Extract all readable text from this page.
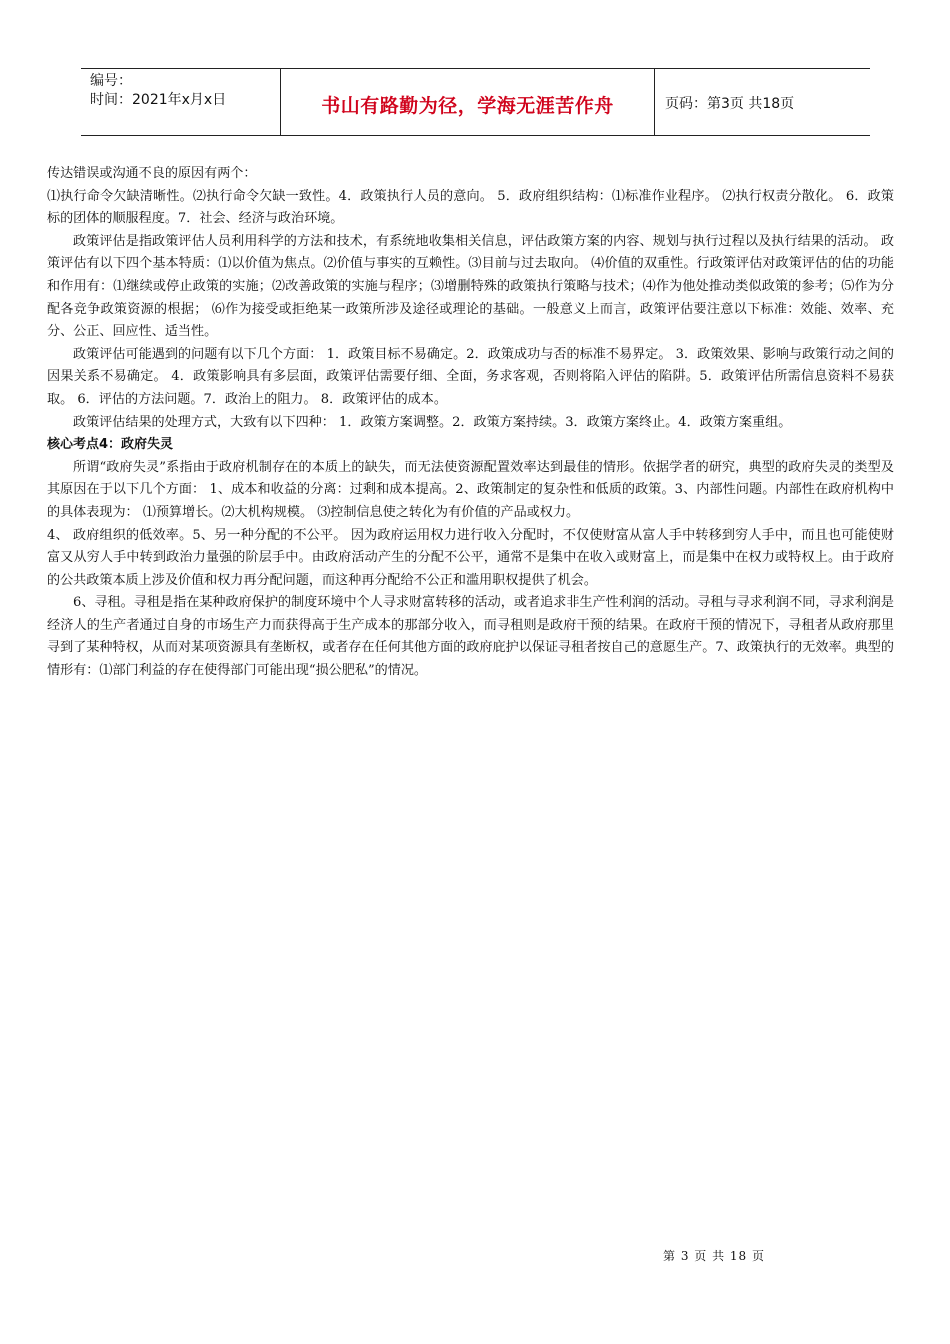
编号：
时间：2021年x月x日	书山有路勤为径，学海无涯苦作舟	页码：第3页 共18页

传达错误或沟通不良的原因有两个：

⑴执行命令欠缺清晰性。⑵执行命令欠缺一致性。4．政策执行人员的意向。 5．政府组织结构：⑴标准作业程序。 ⑵执行权责分散化。 6．政策标的团体的顺服程度。7．社会、经济与政治环境。

政策评估是指政策评估人员利用科学的方法和技术，有系统地收集相关信息，评估政策方案的内容、规划与执行过程以及执行结果的活动。 政策评估有以下四个基本特质：⑴以价值为焦点。⑵价值与事实的互赖性。⑶目前与过去取向。 ⑷价值的双重性。行政策评估对政策评估的估的功能和作用有：⑴继续或停止政策的实施；⑵改善政策的实施与程序；⑶增删特殊的政策执行策略与技术；⑷作为他处推动类似政策的参考；⑸作为分配各竞争政策资源的根据； ⑹作为接受或拒绝某一政策所涉及途径或理论的基础。一般意义上而言，政策评估要注意以下标准：效能、效率、充分、公正、回应性、适当性。

政策评估可能遇到的问题有以下几个方面： 1．政策目标不易确定。2．政策成功与否的标准不易界定。 3．政策效果、影响与政策行动之间的因果关系不易确定。 4．政策影响具有多层面，政策评估需要仔细、全面，务求客观，否则将陷入评估的陷阱。5．政策评估所需信息资料不易获取。 6．评估的方法问题。7．政治上的阻力。 8．政策评估的成本。

政策评估结果的处理方式，大致有以下四种： 1．政策方案调整。2．政策方案持续。3．政策方案终止。4．政策方案重组。

核心考点4：政府失灵

所谓“政府失灵”系指由于政府机制存在的本质上的缺失，而无法使资源配置效率达到最佳的情形。依据学者的研究，典型的政府失灵的类型及其原因在于以下几个方面： 1、成本和收益的分离：过剩和成本提高。2、政策制定的复杂性和低质的政策。3、内部性问题。内部性在政府机构中的具体表现为： ⑴预算增长。⑵大机构规模。 ⑶控制信息使之转化为有价值的产品或权力。

4、 政府组织的低效率。5、另一种分配的不公平。 因为政府运用权力进行收入分配时，不仅使财富从富人手中转移到穷人手中，而且也可能使财富又从穷人手中转到政治力量强的阶层手中。由政府活动产生的分配不公平，通常不是集中在收入或财富上，而是集中在权力或特权上。由于政府的公共政策本质上涉及价值和权力再分配问题，而这种再分配给不公正和滥用职权提供了机会。

6、寻租。寻租是指在某种政府保护的制度环境中个人寻求财富转移的活动，或者追求非生产性利润的活动。寻租与寻求利润不同，寻求利润是经济人的生产者通过自身的市场生产力而获得高于生产成本的那部分收入，而寻租则是政府干预的结果。在政府干预的情况下，寻租者从政府那里寻到了某种特权，从而对某项资源具有垄断权，或者存在任何其他方面的政府庇护以保证寻租者按自己的意愿生产。7、政策执行的无效率。典型的情形有：⑴部门利益的存在使得部门可能出现“损公肥私”的情况。

第 3 页 共 18 页
